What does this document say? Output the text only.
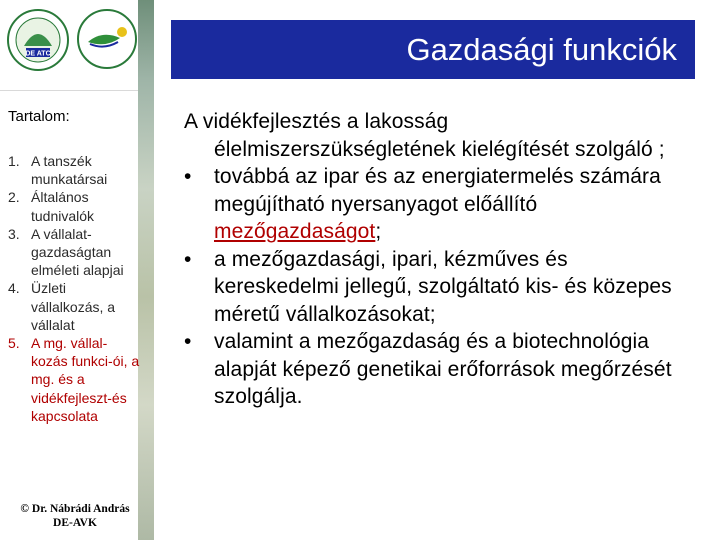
DE ATC	Gazdasági funkciók
Tartalom:
1. A tanszék munkatársai
2. Általános tudnivalók
3. A vállalat-gazdaságtan elméleti alapjai
4. Üzleti vállalkozás, a vállalat
5. A mg. vállal-kozás funkci-ói, a mg. és a vidékfejleszt-és kapcsolata
© Dr. Nábrádi András
DE-AVK

A vidékfejlesztés a lakosság élelmiszerszükségletének kielégítését szolgáló ;

• továbbá az ipar és az energiatermelés számára megújítható nyersanyagot előállító mezőgazdaságot;
• a mezőgazdasági, ipari, kézműves és kereskedelmi jellegű, szolgáltató kis- és közepes méretű vállalkozásokat;
• valamint a mezőgazdaság és a biotechnológia alapját képező genetikai erőforrások megőrzését szolgálja.
